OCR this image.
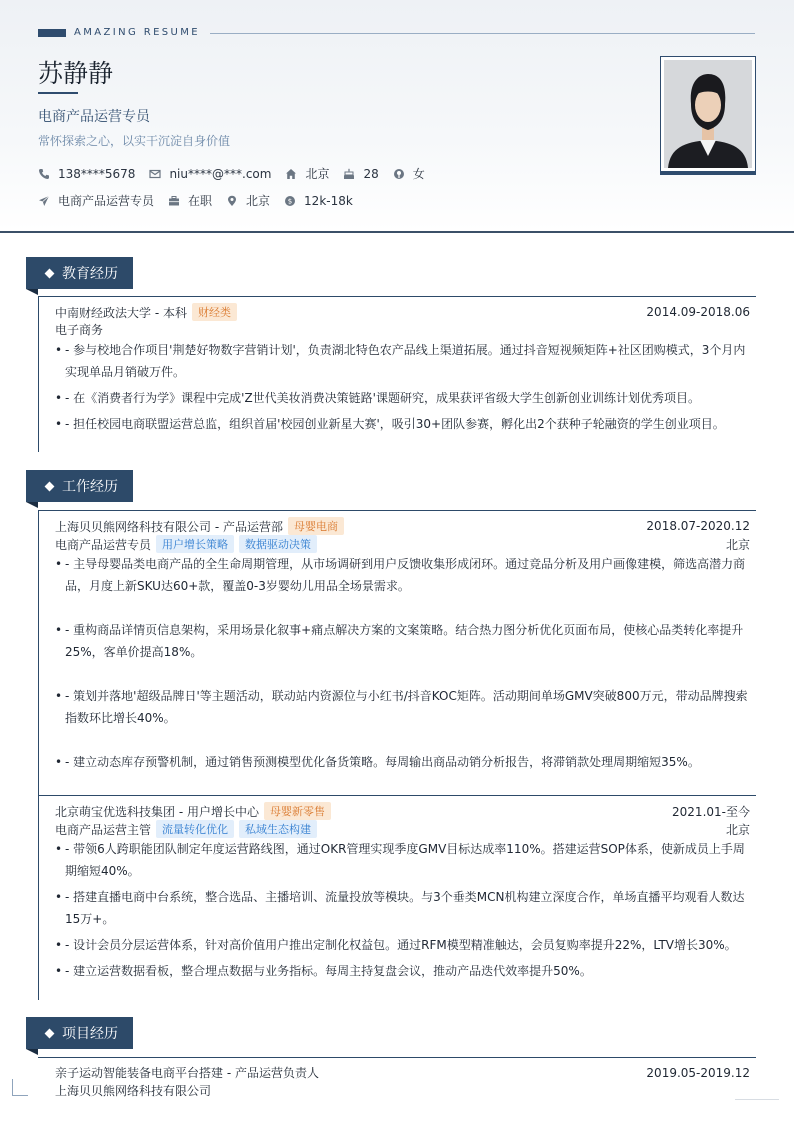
AMAZING RESUME
苏静静
电商产品运营专员
常怀探索之心，以实干沉淀自身价值
138****5678	niu****@***.com	北京	28	女
电商产品运营专员	在职	北京	$ 12k-18k
教育经历
中南财经政法大学 - 本科	财经类	2014.09-2018.06
电子商务
• - 参与校地合作项目'荆楚好物数字营销计划'，负责湖北特色农产品线上渠道拓展。通过抖音短视频矩阵+社区团购模式，3个月内实现单品月销破万件。
• - 在《消费者行为学》课程中完成'Z世代美妆消费决策链路'课题研究，成果获评省级大学生创新创业训练计划优秀项目。
• - 担任校园电商联盟运营总监，组织首届'校园创业新星大赛'，吸引30+团队参赛，孵化出2个获种子轮融资的学生创业项目。
工作经历
上海贝贝熊网络科技有限公司 - 产品运营部	母婴电商	2018.07-2020.12
电商产品运营专员	用户增长策略	数据驱动决策	北京
• - 主导母婴品类电商产品的全生命周期管理，从市场调研到用户反馈收集形成闭环。通过竞品分析及用户画像建模，筛选高潜力商品，月度上新SKU达60+款，覆盖0-3岁婴幼儿用品全场景需求。
• - 重构商品详情页信息架构，采用场景化叙事+痛点解决方案的文案策略。结合热力图分析优化页面布局，使核心品类转化率提升25%，客单价提高18%。
• - 策划并落地'超级品牌日'等主题活动，联动站内资源位与小红书/抖音KOC矩阵。活动期间单场GMV突破800万元，带动品牌搜索指数环比增长40%。
• - 建立动态库存预警机制，通过销售预测模型优化备货策略。每周输出商品动销分析报告，将滞销款处理周期缩短35%。
北京萌宝优选科技集团 - 用户增长中心	母婴新零售	2021.01-至今
电商产品运营主管	流量转化优化	私域生态构建	北京
• - 带领6人跨职能团队制定年度运营路线图，通过OKR管理实现季度GMV目标达成率110%。搭建运营SOP体系，使新成员上手周期缩短40%。
• - 搭建直播电商中台系统，整合选品、主播培训、流量投放等模块。与3个垂类MCN机构建立深度合作，单场直播平均观看人数达15万+。
• - 设计会员分层运营体系，针对高价值用户推出定制化权益包。通过RFM模型精准触达，会员复购率提升22%，LTV增长30%。
• - 建立运营数据看板，整合埋点数据与业务指标。每周主持复盘会议，推动产品迭代效率提升50%。
项目经历
亲子运动智能装备电商平台搭建 - 产品运营负责人	2019.05-2019.12
上海贝贝熊网络科技有限公司
